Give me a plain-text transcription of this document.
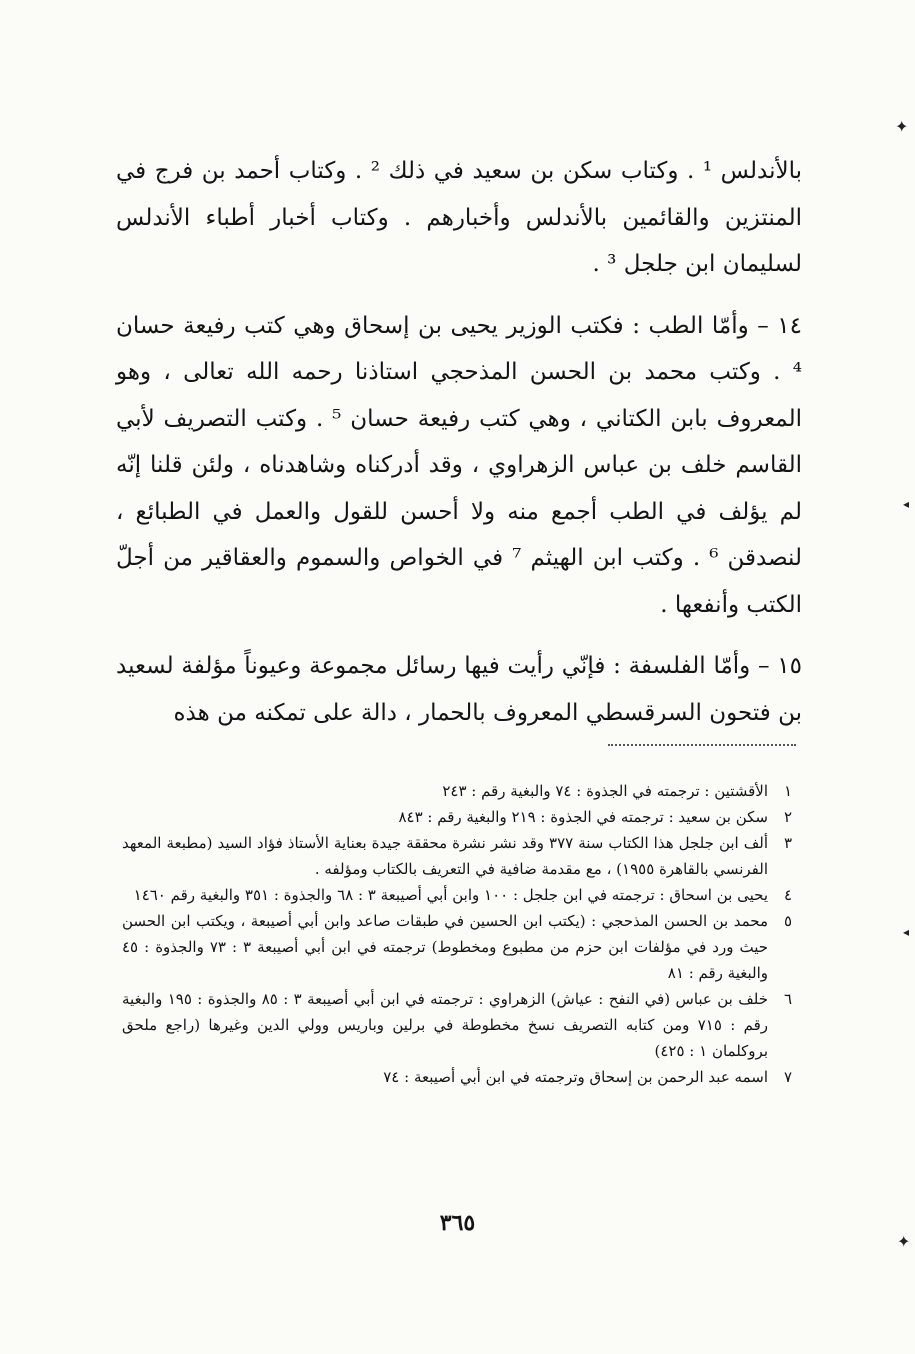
✦
◂
◂
✦

بالأندلس ¹ . وكتاب سكن بن سعيد في ذلك ² . وكتاب أحمد بن فرج في المنتزين والقائمين بالأندلس وأخبارهم . وكتاب أخبار أطباء الأندلس لسليمان ابن جلجل ³ .

١٤ – وأمّا الطب : فكتب الوزير يحيى بن إسحاق وهي كتب رفيعة حسان ⁴ . وكتب محمد بن الحسن المذحجي استاذنا رحمه الله تعالى ، وهو المعروف بابن الكتاني ، وهي كتب رفيعة حسان ⁵ . وكتب التصريف لأبي القاسم خلف بن عباس الزهراوي ، وقد أدركناه وشاهدناه ، ولئن قلنا إنّه لم يؤلف في الطب أجمع منه ولا أحسن للقول والعمل في الطبائع ، لنصدقن ⁶ . وكتب ابن الهيثم ⁷ في الخواص والسموم والعقاقير من أجلّ الكتب وأنفعها .

١٥ – وأمّا الفلسفة : فإنّي رأيت فيها رسائل مجموعة وعيوناً مؤلفة لسعيد بن فتحون السرقسطي المعروف بالحمار ، دالة على تمكنه من هذه

١
الأقشتين : ترجمته في الجذوة : ٧٤ والبغية رقم : ٢٤٣
٢
سكن بن سعيد : ترجمته في الجذوة : ٢١٩ والبغية رقم : ٨٤٣
٣
ألف ابن جلجل هذا الكتاب سنة ٣٧٧ وقد نشر نشرة محققة جيدة بعناية الأستاذ فؤاد السيد (مطبعة المعهد الفرنسي بالقاهرة ١٩٥٥) ، مع مقدمة ضافية في التعريف بالكتاب ومؤلفه .
٤
يحيى بن اسحاق : ترجمته في ابن جلجل : ١٠٠ وابن أبي أصيبعة ٣ : ٦٨ والجذوة : ٣٥١ والبغية رقم ١٤٦٠
٥
محمد بن الحسن المذحجي : (يكتب ابن الحسين في طبقات صاعد وابن أبي أصيبعة ، ويكتب ابن الحسن حيث ورد في مؤلفات ابن حزم من مطبوع ومخطوط) ترجمته في ابن أبي أصيبعة ٣ : ٧٣ والجذوة : ٤٥ والبغية رقم : ٨١
٦
خلف بن عباس (في النفح : عياش) الزهراوي : ترجمته في ابن أبي أصيبعة ٣ : ٨٥ والجذوة : ١٩٥ والبغية رقم : ٧١٥ ومن كتابه التصريف نسخ مخطوطة في برلين وباريس وولي الدين وغيرها (راجع ملحق بروكلمان ١ : ٤٢٥)
٧
اسمه عبد الرحمن بن إسحاق وترجمته في ابن أبي أصيبعة : ٧٤
٣٦٥
